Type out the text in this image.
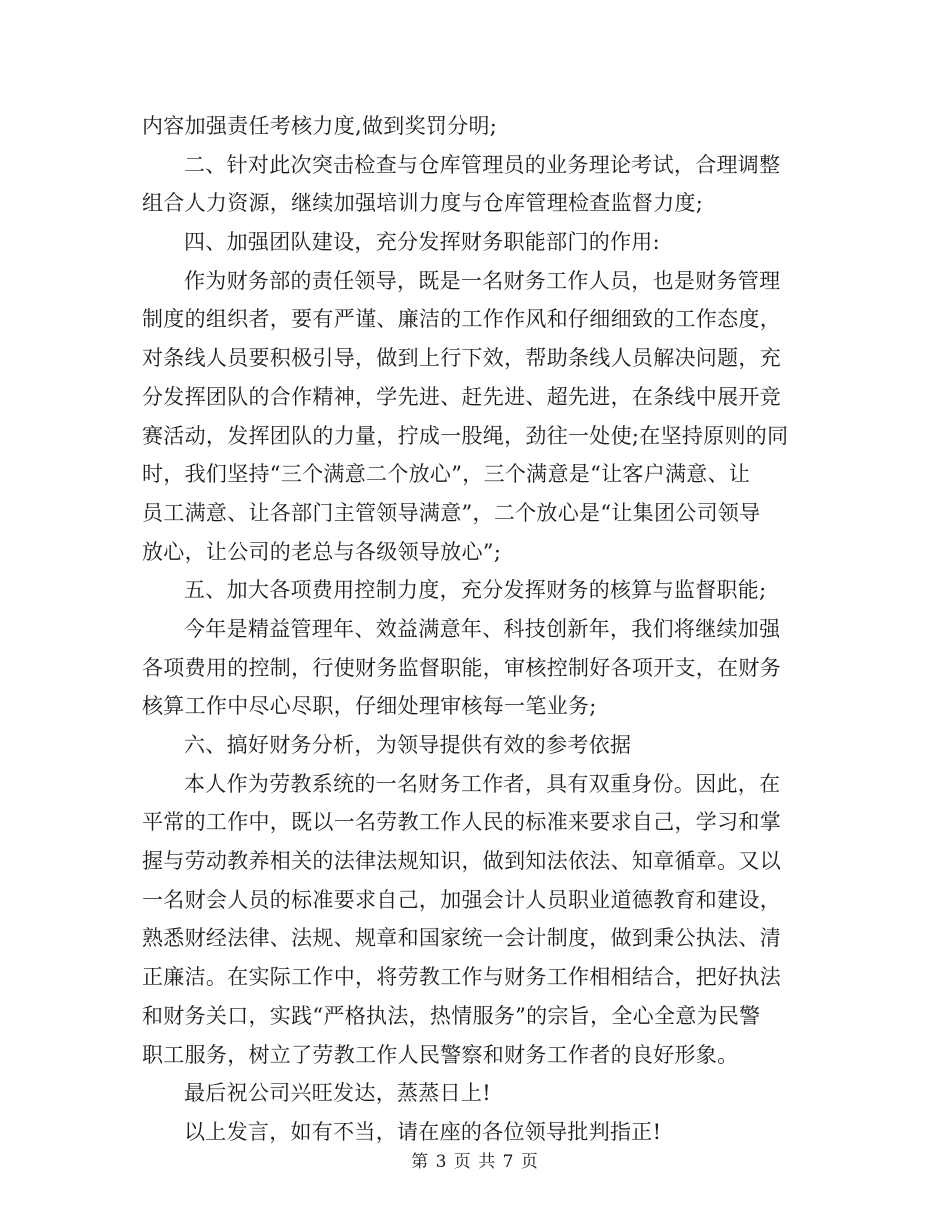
内容加强责任考核力度,做到奖罚分明;
二、针对此次突击检查与仓库管理员的业务理论考试，合理调整
组合人力资源，继续加强培训力度与仓库管理检查监督力度;
四、加强团队建设，充分发挥财务职能部门的作用:
作为财务部的责任领导，既是一名财务工作人员，也是财务管理
制度的组织者，要有严谨、廉洁的工作作风和仔细细致的工作态度，
对条线人员要积极引导，做到上行下效，帮助条线人员解决问题，充
分发挥团队的合作精神，学先进、赶先进、超先进，在条线中展开竞
赛活动，发挥团队的力量，拧成一股绳，劲往一处使;在坚持原则的同
时，我们坚持“三个满意二个放心”，三个满意是“让客户满意、让
员工满意、让各部门主管领导满意”，二个放心是“让集团公司领导
放心，让公司的老总与各级领导放心”;
五、加大各项费用控制力度，充分发挥财务的核算与监督职能;
今年是精益管理年、效益满意年、科技创新年，我们将继续加强
各项费用的控制，行使财务监督职能，审核控制好各项开支，在财务
核算工作中尽心尽职，仔细处理审核每一笔业务;
六、搞好财务分析，为领导提供有效的参考依据
本人作为劳教系统的一名财务工作者，具有双重身份。因此，在
平常的工作中，既以一名劳教工作人民的标准来要求自己，学习和掌
握与劳动教养相关的法律法规知识，做到知法依法、知章循章。又以
一名财会人员的标准要求自己，加强会计人员职业道德教育和建设，
熟悉财经法律、法规、规章和国家统一会计制度，做到秉公执法、清
正廉洁。在实际工作中，将劳教工作与财务工作相相结合，把好执法
和财务关口，实践“严格执法，热情服务”的宗旨，全心全意为民警
职工服务，树立了劳教工作人民警察和财务工作者的良好形象。
最后祝公司兴旺发达，蒸蒸日上!
以上发言，如有不当，请在座的各位领导批判指正!
第 3 页 共 7 页
